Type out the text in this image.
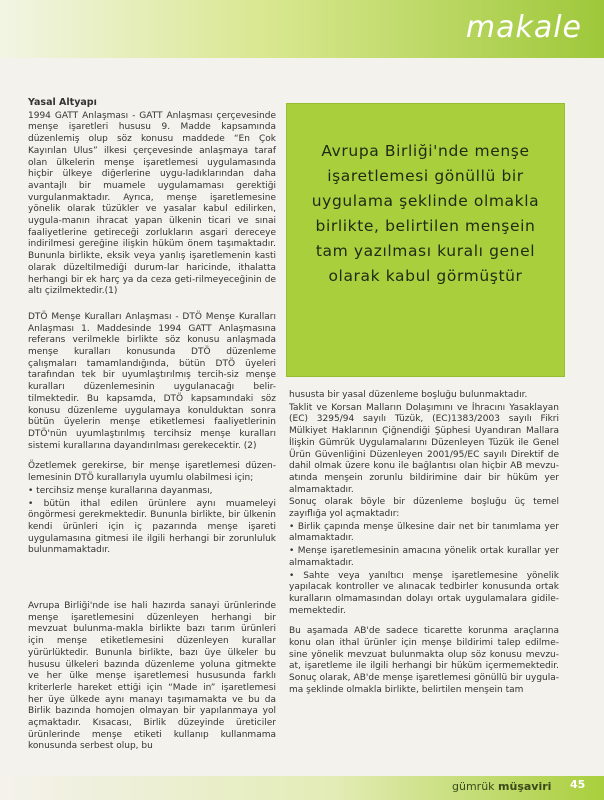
makale

Yasal Altyapı

1994 GATT Anlaşması - GATT Anlaşması çerçevesinde menşe işaretleri hususu 9. Madde kapsamında düzenlemiş olup söz konusu maddede “En Çok Kayırılan Ulus” ilkesi çerçevesinde anlaşmaya taraf olan ülkelerin menşe işaretlemesi uygulamasında hiçbir ülkeye diğerlerine uygu-ladıklarından daha avantajlı bir muamele uygulamaması gerektiği vurgulanmaktadır. Ayrıca, menşe işaretlemesine yönelik olarak tüzükler ve yasalar kabul edilirken, uygula-manın ihracat yapan ülkenin ticari ve sınai faaliyetlerine getireceği zorlukların asgari dereceye indirilmesi gereğine ilişkin hüküm önem taşımaktadır. Bununla birlikte, eksik veya yanlış işaretlemenin kasti olarak düzeltilmediği durum-lar haricinde, ithalatta herhangi bir ek harç ya da ceza geti-rilmeyeceğinin de altı çizilmektedir.(1)

DTÖ Menşe Kuralları Anlaşması - DTÖ Menşe Kuralları Anlaşması 1. Maddesinde 1994 GATT Anlaşmasına referans verilmekle birlikte söz konusu anlaşmada menşe kuralları konusunda DTÖ düzenleme çalışmaları tamamlandığında, bütün DTÖ üyeleri tarafından tek bir uyumlaştırılmış tercih-siz menşe kuralları düzenlemesinin uygulanacağı belir-tilmektedir. Bu kapsamda, DTÖ kapsamındaki söz konusu düzenleme uygulamaya konulduktan sonra bütün üyelerin menşe etiketlemesi faaliyetlerinin DTÖ'nün uyumlaştırılmış tercihsiz menşe kuralları sistemi kurallarına dayandırılması gerekecektir. (2)

Özetlemek gerekirse, bir menşe işaretlemesi düzen-lemesinin DTÖ kurallarıyla uyumlu olabilmesi için;

• tercihsiz menşe kurallarına dayanması,

• bütün ithal edilen ürünlere aynı muameleyi öngörmesi gerekmektedir. Bununla birlikte, bir ülkenin kendi ürünleri için iç pazarında menşe işareti uygulamasına gitmesi ile ilgili herhangi bir zorunluluk bulunmamaktadır.

Avrupa Birliği'nde ise hali hazırda sanayi ürünlerinde menşe işaretlemesini düzenleyen herhangi bir mevzuat bulunma-makla birlikte bazı tarım ürünleri için menşe etiketlemesini düzenleyen kurallar yürürlüktedir. Bununla birlikte, bazı üye ülkeler bu hususu ülkeleri bazında düzenleme yoluna gitmekte ve her ülke menşe işaretlemesi hususunda farklı kriterlerle hareket ettiği için “Made in” işaretlemesi her üye ülkede aynı manayı taşımamakta ve bu da Birlik bazında homojen olmayan bir yapılanmaya yol açmaktadır. Kısacası, Birlik düzeyinde üreticiler ürünlerinde menşe etiketi kullanıp kullanmama konusunda serbest olup, bu

Avrupa Birliği'nde menşe işaretlemesi gönüllü bir uygulama şeklinde olmakla birlikte, belirtilen menşein tam yazılması kuralı genel olarak kabul görmüştür

hususta bir yasal düzenleme boşluğu bulunmaktadır.

Taklit ve Korsan Malların Dolaşımını ve İhracını Yasaklayan (EC) 3295/94 sayılı Tüzük, (EC)1383/2003 sayılı Fikri Mülkiyet Haklarının Çiğnendiği Şüphesi Uyandıran Mallara İlişkin Gümrük Uygulamalarını Düzenleyen Tüzük ile Genel Ürün Güvenliğini Düzenleyen 2001/95/EC sayılı Direktif de dahil olmak üzere konu ile bağlantısı olan hiçbir AB mevzu-atında menşein zorunlu bildirimine dair bir hüküm yer almamaktadır.

Sonuç olarak böyle bir düzenleme boşluğu üç temel zayıflığa yol açmaktadır:

• Birlik çapında menşe ülkesine dair net bir tanımlama yer almamaktadır.

• Menşe işaretlemesinin amacına yönelik ortak kurallar yer almamaktadır.

• Sahte veya yanıltıcı menşe işaretlemesine yönelik yapılacak kontroller ve alınacak tedbirler konusunda ortak kuralların olmamasından dolayı ortak uygulamalara gidile-memektedir.

Bu aşamada AB'de sadece ticarette korunma araçlarına konu olan ithal ürünler için menşe bildirimi talep edilme-sine yönelik mevzuat bulunmakta olup söz konusu mevzu-at, işaretleme ile ilgili herhangi bir hüküm içermemektedir. Sonuç olarak, AB'de menşe işaretlemesi gönüllü bir uygula-ma şeklinde olmakla birlikte, belirtilen menşein tam

gümrük müşaviri 45
